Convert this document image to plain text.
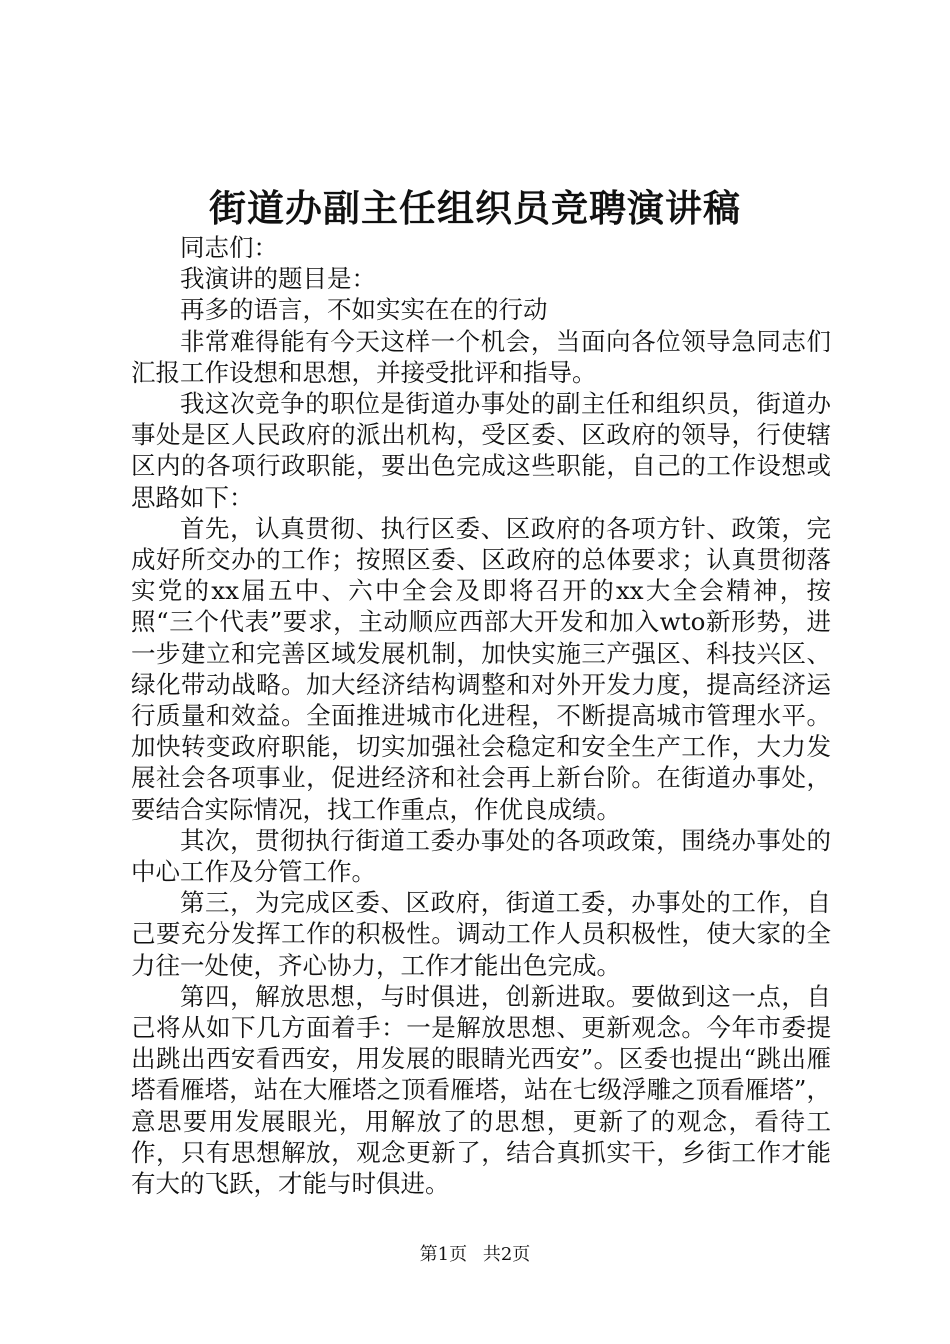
街道办副主任组织员竞聘演讲稿

同志们：

我演讲的题目是：

再多的语言，不如实实在在的行动

非常难得能有今天这样一个机会，当面向各位领导急同志们汇报工作设想和思想，并接受批评和指导。

我这次竞争的职位是街道办事处的副主任和组织员，街道办事处是区人民政府的派出机构，受区委、区政府的领导，行使辖区内的各项行政职能，要出色完成这些职能，自己的工作设想或思路如下：

首先，认真贯彻、执行区委、区政府的各项方针、政策，完成好所交办的工作；按照区委、区政府的总体要求；认真贯彻落实党的xx届五中、六中全会及即将召开的xx大全会精神，按照“三个代表”要求，主动顺应西部大开发和加入wto新形势，进一步建立和完善区域发展机制，加快实施三产强区、科技兴区、绿化带动战略。加大经济结构调整和对外开发力度，提高经济运行质量和效益。全面推进城市化进程，不断提高城市管理水平。加快转变政府职能，切实加强社会稳定和安全生产工作，大力发展社会各项事业，促进经济和社会再上新台阶。在街道办事处，要结合实际情况，找工作重点，作优良成绩。

其次，贯彻执行街道工委办事处的各项政策，围绕办事处的中心工作及分管工作。

第三，为完成区委、区政府，街道工委，办事处的工作，自己要充分发挥工作的积极性。调动工作人员积极性，使大家的全力往一处使，齐心协力，工作才能出色完成。

第四，解放思想，与时俱进，创新进取。要做到这一点，自己将从如下几方面着手：一是解放思想、更新观念。今年市委提出跳出西安看西安，用发展的眼睛光西安”。区委也提出“跳出雁塔看雁塔，站在大雁塔之顶看雁塔，站在七级浮雕之顶看雁塔”，意思要用发展眼光，用解放了的思想，更新了的观念，看待工作，只有思想解放，观念更新了，结合真抓实干，乡街工作才能有大的飞跃，才能与时俱进。

第1页 共2页
